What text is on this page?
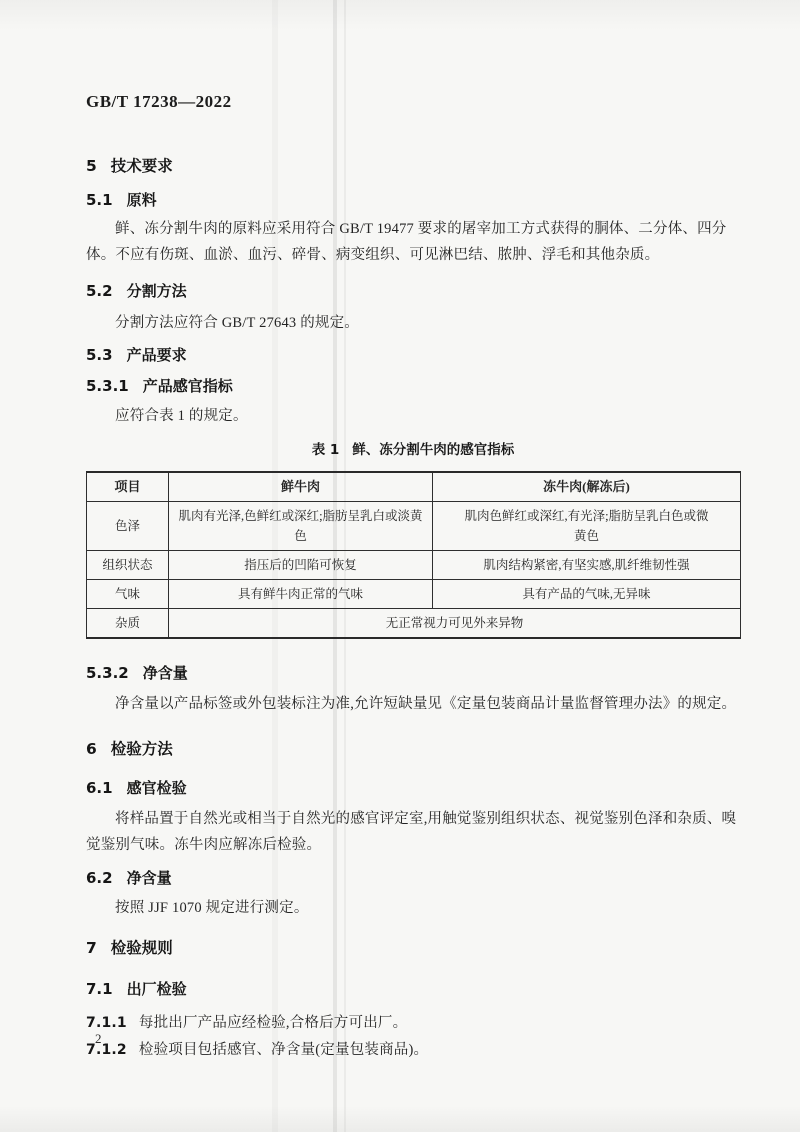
GB/T 17238—2022
5 技术要求
5.1 原料

鲜、冻分割牛肉的原料应采用符合 GB/T 19477 要求的屠宰加工方式获得的胴体、二分体、四分体。不应有伤斑、血淤、血污、碎骨、病变组织、可见淋巴结、脓肿、浮毛和其他杂质。

5.2 分割方法

分割方法应符合 GB/T 27643 的规定。

5.3 产品要求
5.3.1 产品感官指标

应符合表 1 的规定。

表 1 鲜、冻分割牛肉的感官指标
项目	鲜牛肉	冻牛肉(解冻后)
色泽	肌肉有光泽,色鲜红或深红;脂肪呈乳白或淡黄色	肌肉色鲜红或深红,有光泽;脂肪呈乳白色或微黄色
组织状态	指压后的凹陷可恢复	肌肉结构紧密,有坚实感,肌纤维韧性强
气味	具有鲜牛肉正常的气味	具有产品的气味,无异味
杂质	无正常视力可见外来异物	
5.3.2 净含量

净含量以产品标签或外包装标注为准,允许短缺量见《定量包装商品计量监督管理办法》的规定。

6 检验方法
6.1 感官检验

将样品置于自然光或相当于自然光的感官评定室,用触觉鉴别组织状态、视觉鉴别色泽和杂质、嗅觉鉴别气味。冻牛肉应解冻后检验。

6.2 净含量

按照 JJF 1070 规定进行测定。

7 检验规则
7.1 出厂检验
7.1.1 每批出厂产品应经检验,合格后方可出厂。
7.1.2 检验项目包括感官、净含量(定量包装商品)。
2
